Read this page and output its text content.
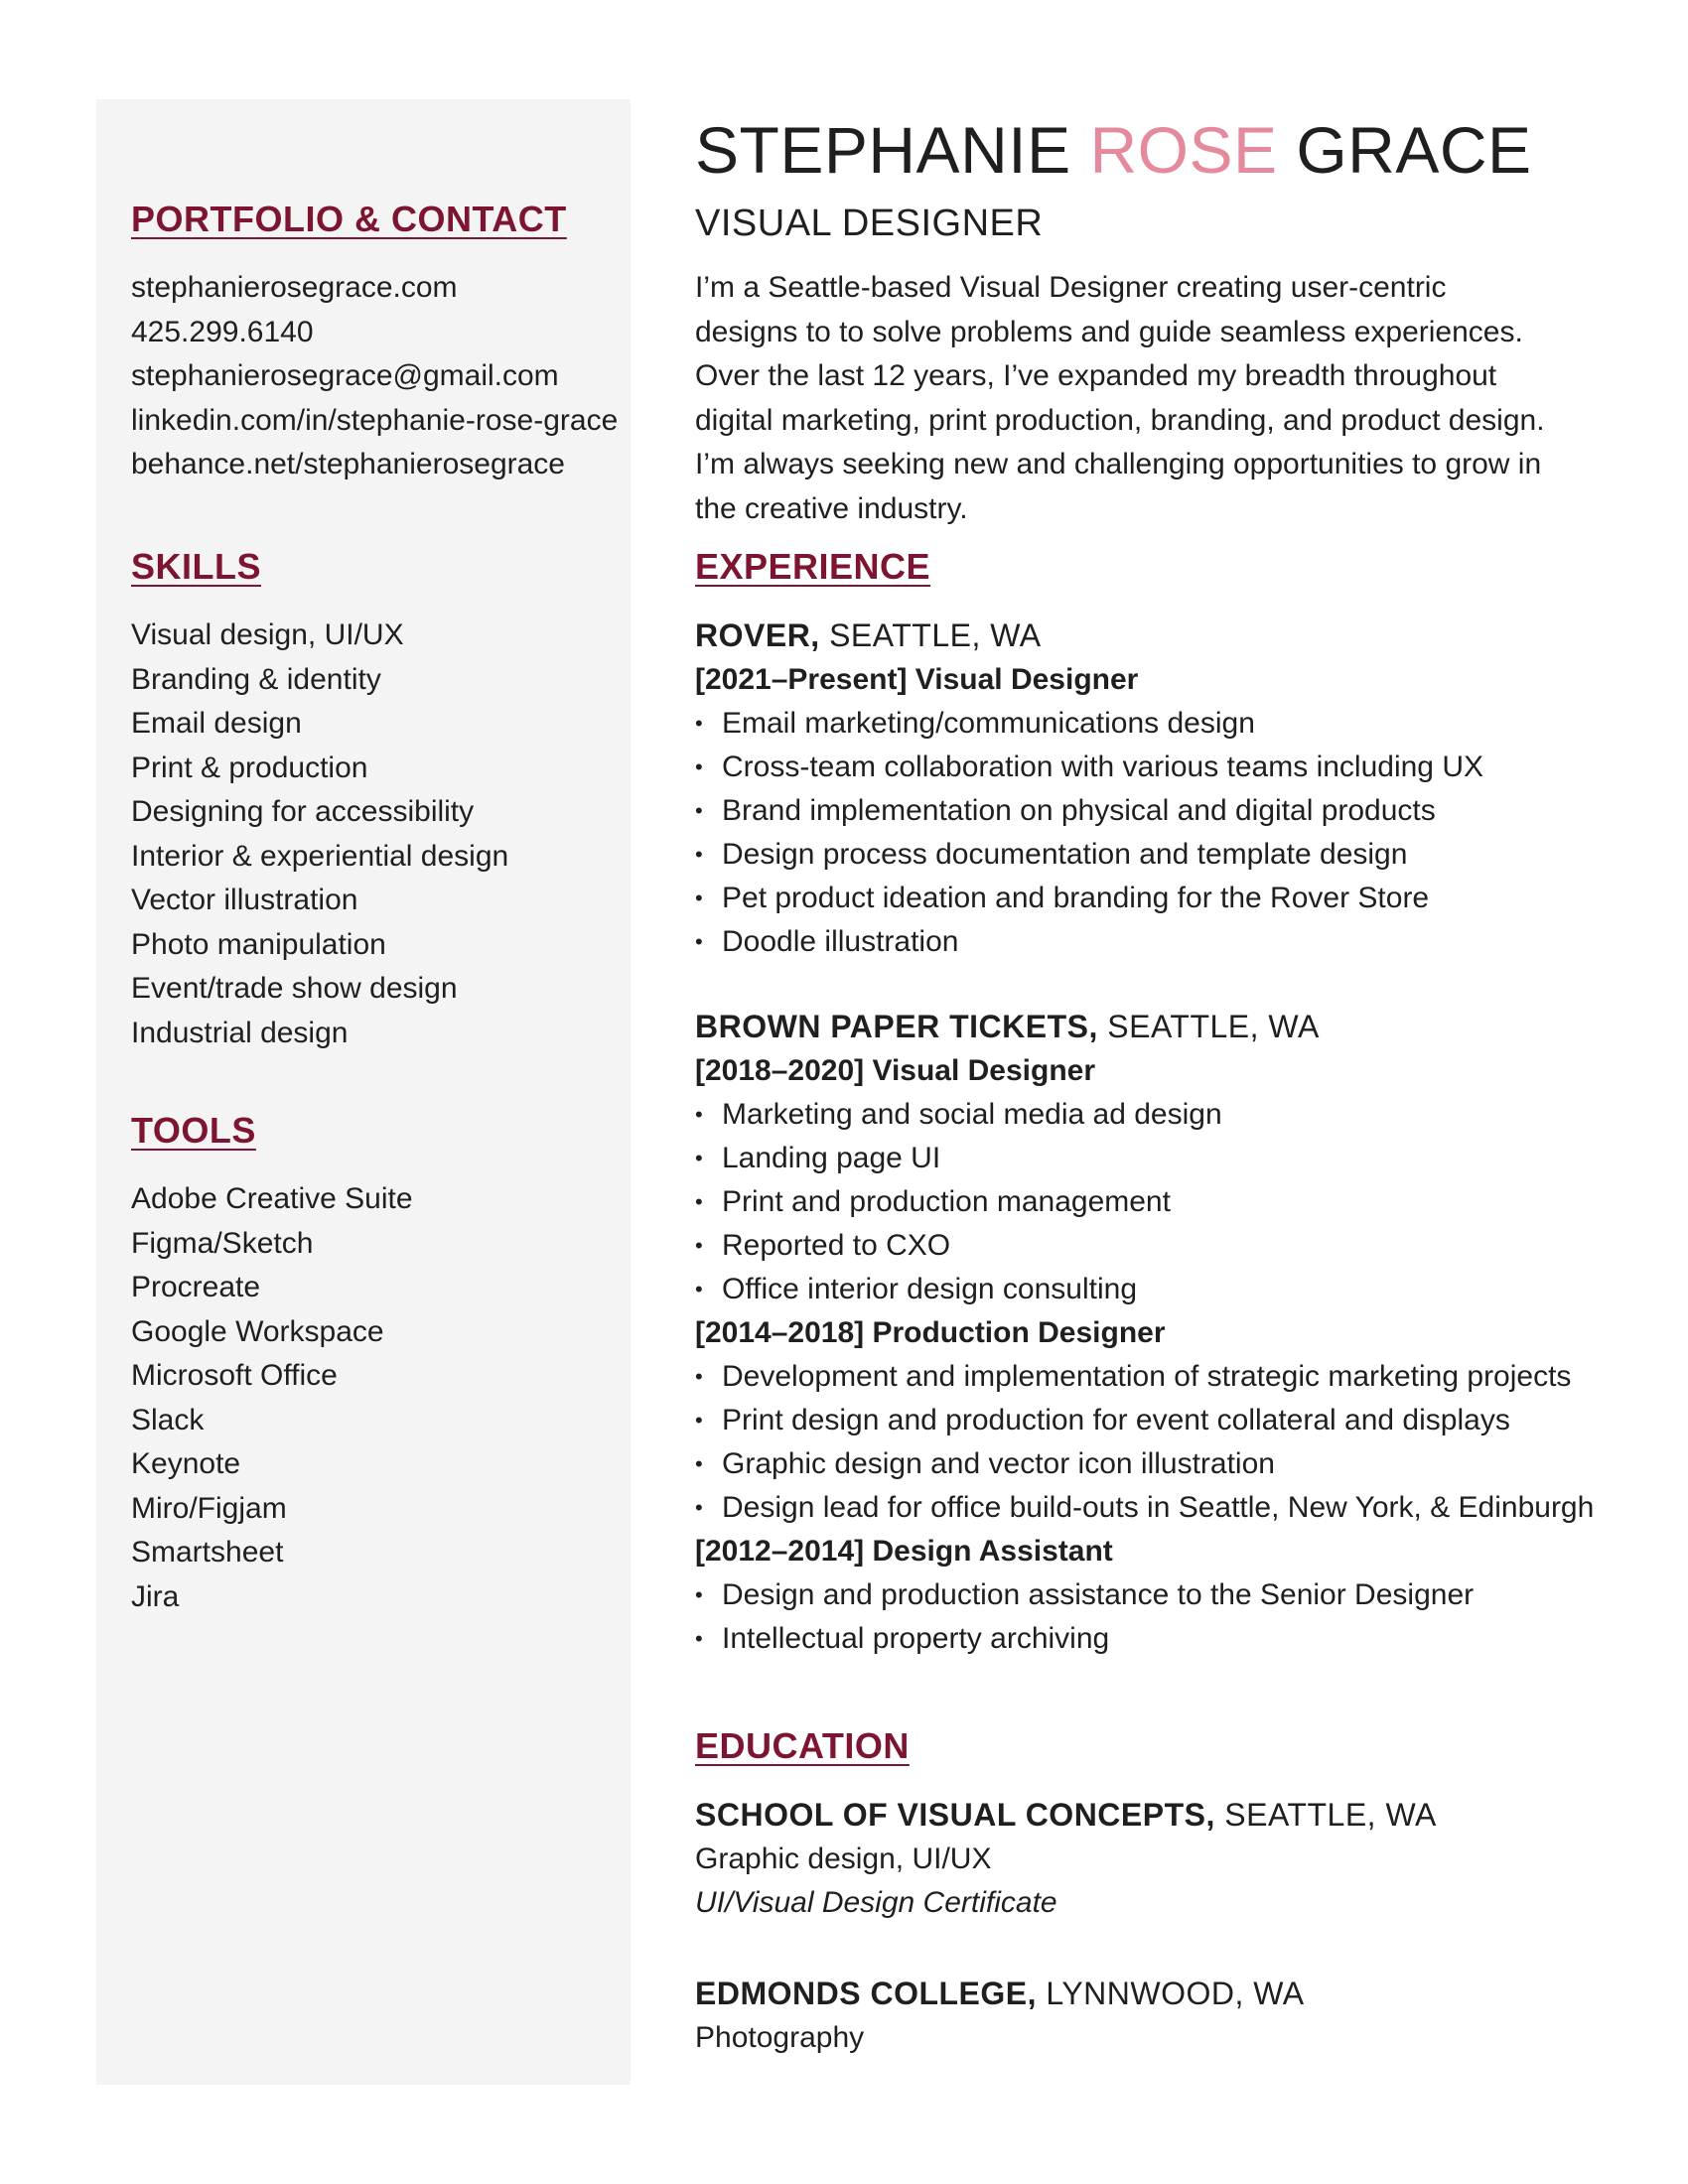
PORTFOLIO & CONTACT
stephanierosegrace.com
425.299.6140
stephanierosegrace@gmail.com
linkedin.com/in/stephanie-rose-grace
behance.net/stephanierosegrace
SKILLS
Visual design, UI/UX
Branding & identity
Email design
Print & production
Designing for accessibility
Interior & experiential design
Vector illustration
Photo manipulation
Event/trade show design
Industrial design
TOOLS
Adobe Creative Suite
Figma/Sketch
Procreate
Google Workspace
Microsoft Office
Slack
Keynote
Miro/Figjam
Smartsheet
Jira
STEPHANIE ROSE GRACE
VISUAL DESIGNER
I’m a Seattle-based Visual Designer creating user-centric designs to to solve problems and guide seamless experiences. Over the last 12 years, I’ve expanded my breadth throughout digital marketing, print production, branding, and product design. I’m always seeking new and challenging opportunities to grow in the creative industry.
EXPERIENCE
ROVER, SEATTLE, WA
[2021–Present] Visual Designer
• Email marketing/communications design
• Cross-team collaboration with various teams including UX
• Brand implementation on physical and digital products
• Design process documentation and template design
• Pet product ideation and branding for the Rover Store
• Doodle illustration
BROWN PAPER TICKETS, SEATTLE, WA
[2018–2020] Visual Designer
• Marketing and social media ad design
• Landing page UI
• Print and production management
• Reported to CXO
• Office interior design consulting
[2014–2018] Production Designer
• Development and implementation of strategic marketing projects
• Print design and production for event collateral and displays
• Graphic design and vector icon illustration
• Design lead for office build-outs in Seattle, New York, & Edinburgh
[2012–2014] Design Assistant
• Design and production assistance to the Senior Designer
• Intellectual property archiving
EDUCATION
SCHOOL OF VISUAL CONCEPTS, SEATTLE, WA
Graphic design, UI/UX
UI/Visual Design Certificate
EDMONDS COLLEGE, LYNNWOOD, WA
Photography
